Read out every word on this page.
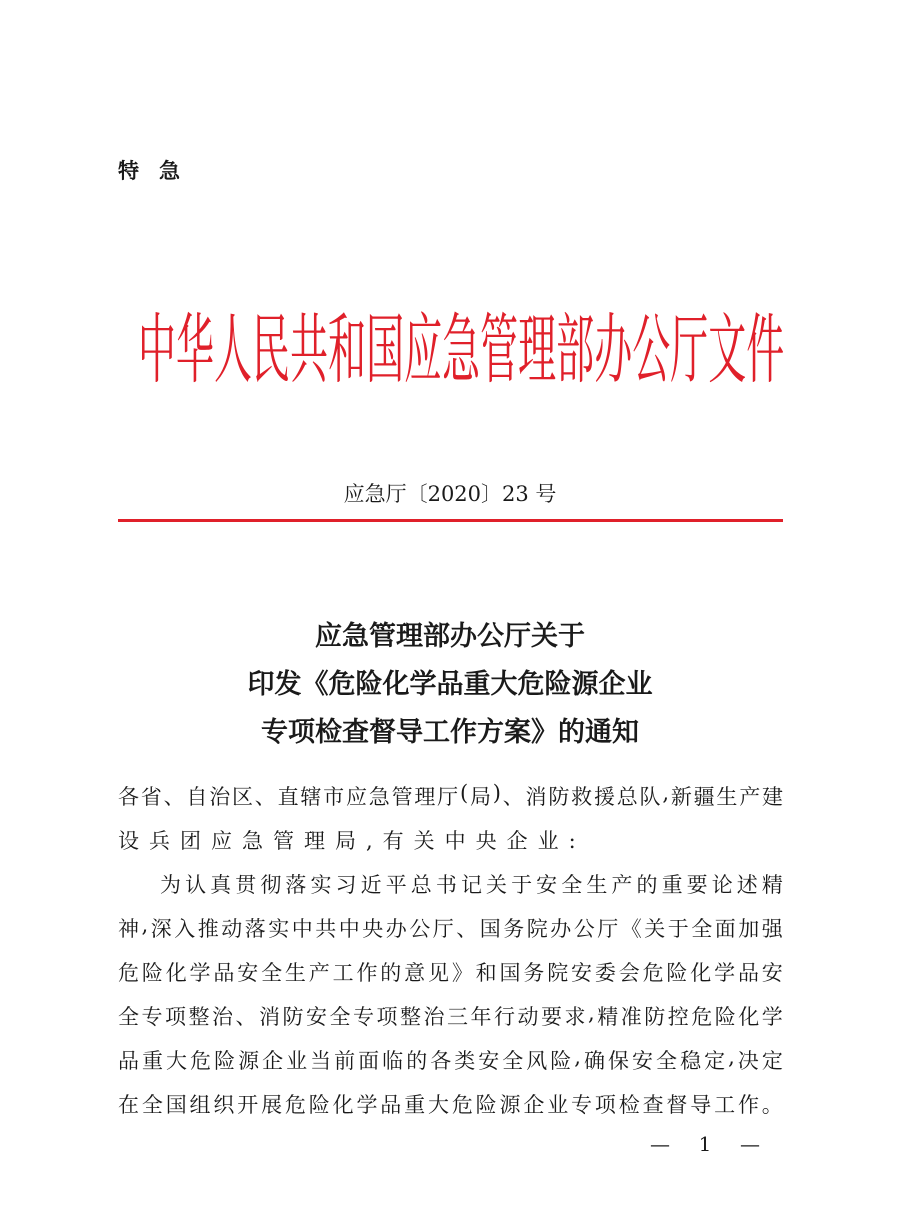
特急
中 华 人 民 共 和 国 应 急 管 理 部 办 公 厅 文 件
应急厅〔2020〕23 号
应急管理部办公厅关于
印发《危险化学品重大危险源企业
专项检查督导工作方案》的通知
各 省 、 自 治 区 、 直 辖 市 应 急 管 理 厅 ( 局 ) 、 消 防 救 援 总 队 , 新 疆 生 产 建
设兵团应急管理局,有关中央企业:
为 认 真 贯 彻 落 实 习 近 平 总 书 记 关 于 安 全 生 产 的 重 要 论 述 精
神 , 深 入 推 动 落 实 中 共 中 央 办 公 厅 、 国 务 院 办 公 厅 《 关 于 全 面 加 强
危 险 化 学 品 安 全 生 产 工 作 的 意 见 》 和 国 务 院 安 委 会 危 险 化 学 品 安
全 专 项 整 治 、 消 防 安 全 专 项 整 治 三 年 行 动 要 求 , 精 准 防 控 危 险 化 学
品 重 大 危 险 源 企 业 当 前 面 临 的 各 类 安 全 风 险 , 确 保 安 全 稳 定 , 决 定
在 全 国 组 织 开 展 危 险 化 学 品 重 大 危 险 源 企 业 专 项 检 查 督 导 工 作 。
— 1 —
